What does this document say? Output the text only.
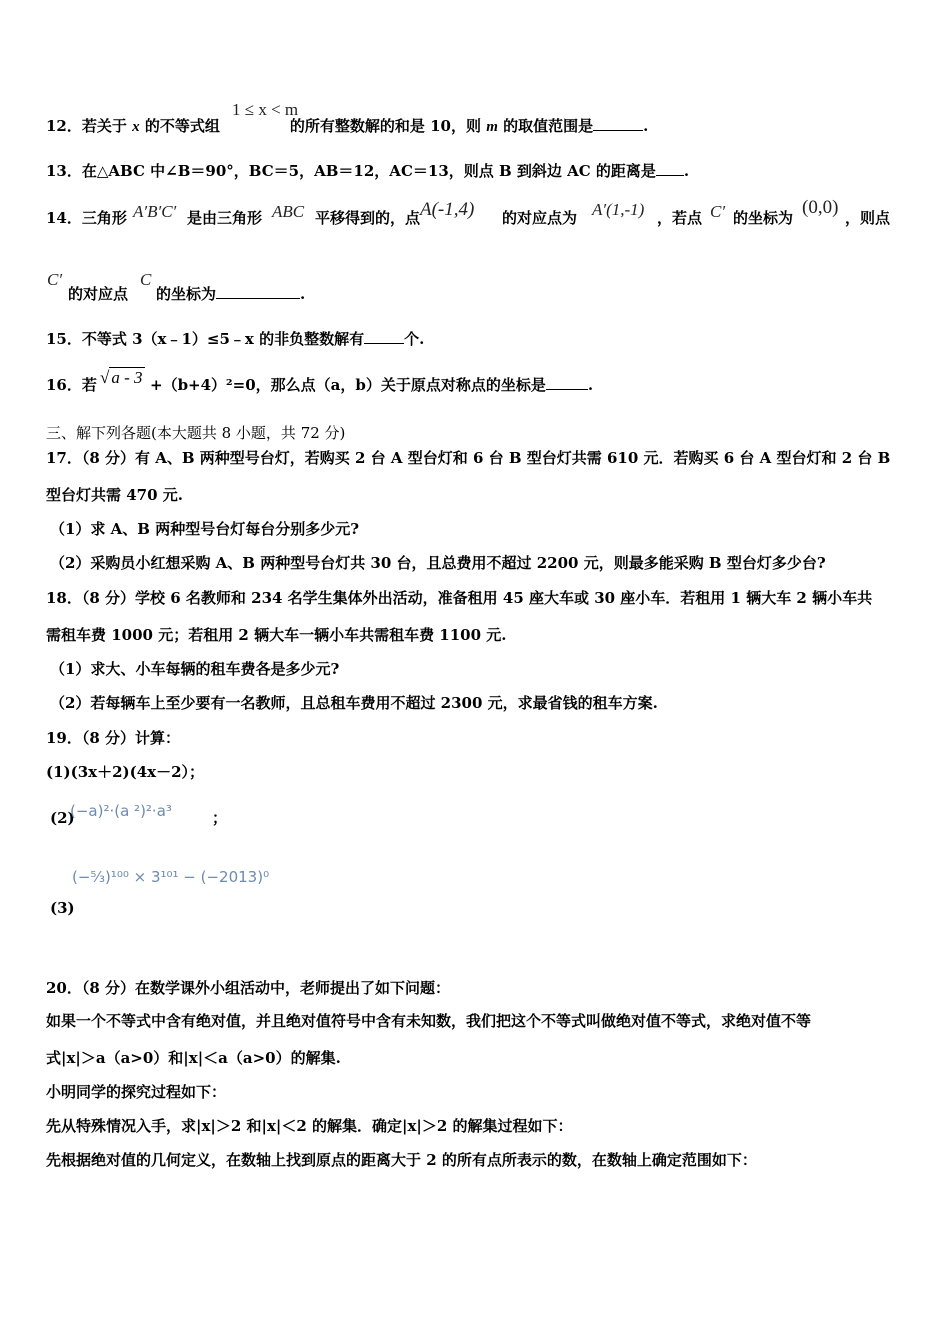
1 ≤ x < m
12．若关于 x 的不等式组	的所有整数解的和是 10，则 m 的取值范围是	.
13．在△ABC 中∠B＝90°，BC＝5，AB＝12，AC＝13，则点 B 到斜边 AC 的距离是 .
14．三角形 A′B′C′ 是由三角形 ABC 平移得到的，点 A(-1,4) 的对应点为 A′(1,-1) ，若点 C′ 的坐标为 (0,0) ，则点
C′
的对应点
C
的坐标为	.
15．不等式 3（x﹣1）≤5﹣x 的非负整数解有	个.
16．若 √ a - 3 +（b+4）²=0，那么点（a，b）关于原点对称点的坐标是	.
三、解下列各题(本大题共 8 小题，共 72 分)
17．（8 分）有 A、B 两种型号台灯，若购买 2 台 A 型台灯和 6 台 B 型台灯共需 610 元．若购买 6 台 A 型台灯和 2 台 B
型台灯共需 470 元.
（1）求 A、B 两种型号台灯每台分别多少元?
（2）采购员小红想采购 A、B 两种型号台灯共 30 台，且总费用不超过 2200 元，则最多能采购 B 型台灯多少台?
18．（8 分）学校 6 名教师和 234 名学生集体外出活动，准备租用 45 座大车或 30 座小车．若租用 1 辆大车 2 辆小车共
需租车费 1000 元；若租用 2 辆大车一辆小车共需租车费 1100 元.
（1）求大、小车每辆的租车费各是多少元?
（2）若每辆车上至少要有一名教师，且总租车费用不超过 2300 元，求最省钱的租车方案.
19．（8 分）计算：
(1)(3x＋2)(4x－2）；
(2)
(−a)²·(a ²)²·a³	；
(−⁵⁄₃)¹⁰⁰ × 3¹⁰¹ − (−2013)⁰
(3)
20．（8 分）在数学课外小组活动中，老师提出了如下问题：
如果一个不等式中含有绝对值，并且绝对值符号中含有未知数，我们把这个不等式叫做绝对值不等式，求绝对值不等
式|x|＞a（a>0）和|x|＜a（a>0）的解集.
小明同学的探究过程如下：
先从特殊情况入手，求|x|＞2 和|x|＜2 的解集．确定|x|＞2 的解集过程如下：
先根据绝对值的几何定义，在数轴上找到原点的距离大于 2 的所有点所表示的数，在数轴上确定范围如下：
